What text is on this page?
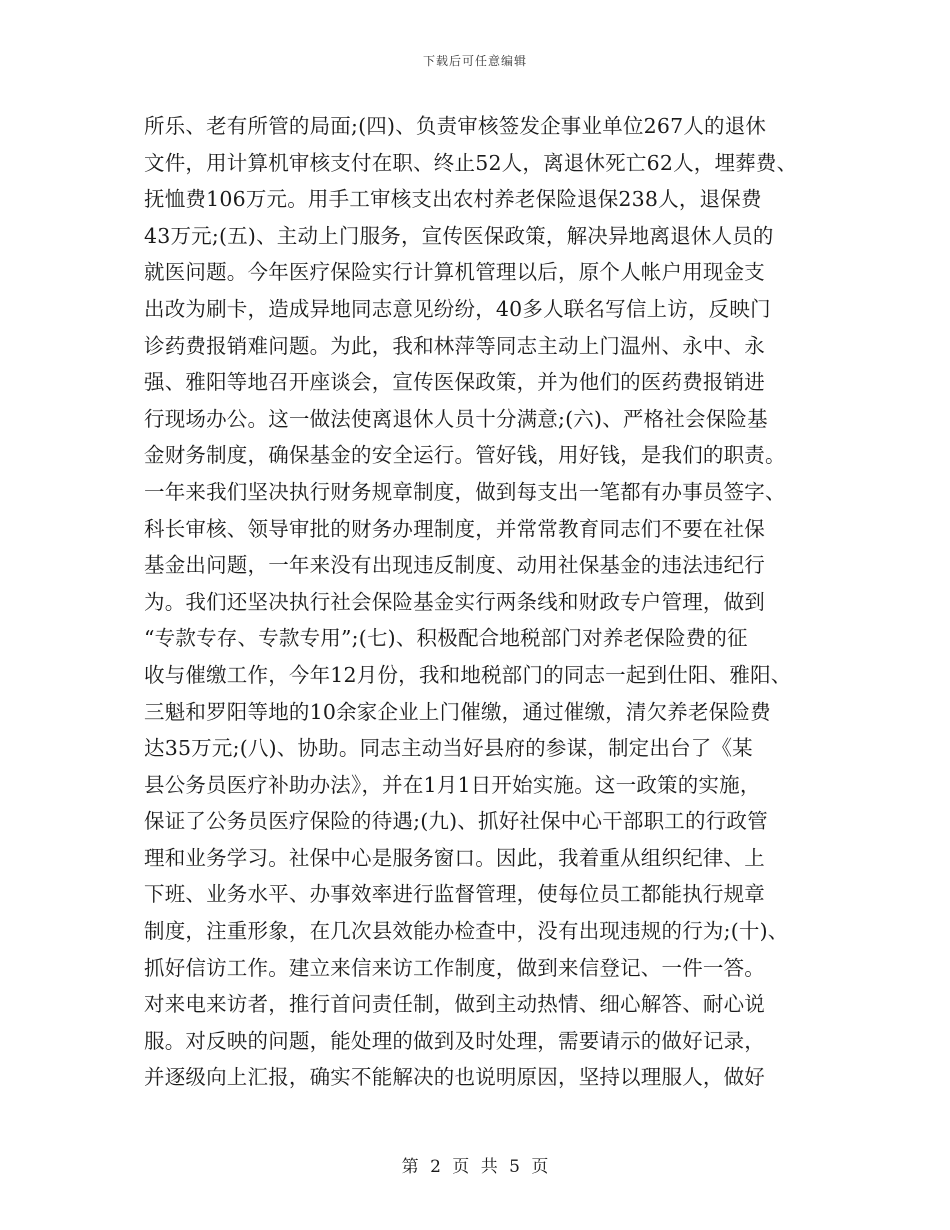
下载后可任意编辑
所乐、老有所管的局面;(四)、负责审核签发企事业单位267人的退休
文件，用计算机审核支付在职、终止52人，离退休死亡62人，埋葬费、
抚恤费106万元。用手工审核支出农村养老保险退保238人，退保费
43万元;(五)、主动上门服务，宣传医保政策，解决异地离退休人员的
就医问题。今年医疗保险实行计算机管理以后，原个人帐户用现金支
出改为刷卡，造成异地同志意见纷纷，40多人联名写信上访，反映门
诊药费报销难问题。为此，我和林萍等同志主动上门温州、永中、永
强、雅阳等地召开座谈会，宣传医保政策，并为他们的医药费报销进
行现场办公。这一做法使离退休人员十分满意;(六)、严格社会保险基
金财务制度，确保基金的安全运行。管好钱，用好钱，是我们的职责。
一年来我们坚决执行财务规章制度，做到每支出一笔都有办事员签字、
科长审核、领导审批的财务办理制度，并常常教育同志们不要在社保
基金出问题，一年来没有出现违反制度、动用社保基金的违法违纪行
为。我们还坚决执行社会保险基金实行两条线和财政专户管理，做到
“专款专存、专款专用”;(七)、积极配合地税部门对养老保险费的征
收与催缴工作，今年12月份，我和地税部门的同志一起到仕阳、雅阳、
三魁和罗阳等地的10余家企业上门催缴，通过催缴，清欠养老保险费
达35万元;(八)、协助。同志主动当好县府的参谋，制定出台了《某
县公务员医疗补助办法》，并在1月1日开始实施。这一政策的实施，
保证了公务员医疗保险的待遇;(九)、抓好社保中心干部职工的行政管
理和业务学习。社保中心是服务窗口。因此，我着重从组织纪律、上
下班、业务水平、办事效率进行监督管理，使每位员工都能执行规章
制度，注重形象，在几次县效能办检查中，没有出现违规的行为;(十)、
抓好信访工作。建立来信来访工作制度，做到来信登记、一件一答。
对来电来访者，推行首问责任制，做到主动热情、细心解答、耐心说
服。对反映的问题，能处理的做到及时处理，需要请示的做好记录，
并逐级向上汇报，确实不能解决的也说明原因，坚持以理服人，做好
第 2 页 共 5 页
